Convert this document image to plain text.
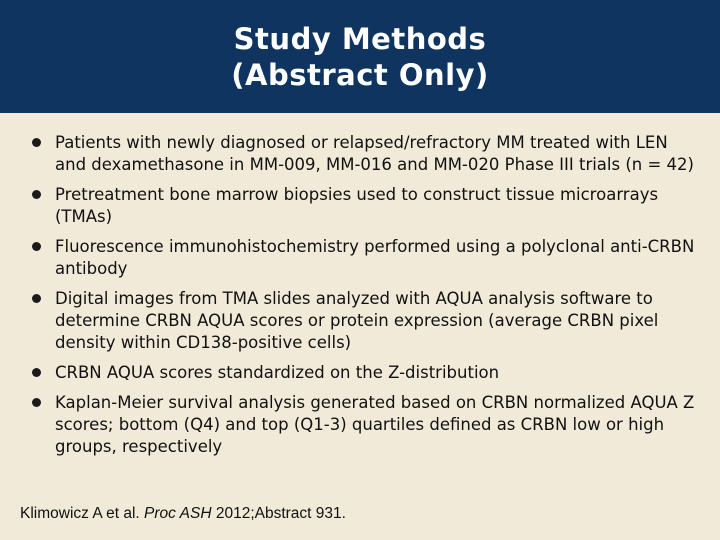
Study Methods
(Abstract Only)
Patients with newly diagnosed or relapsed/refractory MM treated with LEN and dexamethasone in MM-009, MM-016 and MM-020 Phase III trials (n = 42)
Pretreatment bone marrow biopsies used to construct tissue microarrays (TMAs)
Fluorescence immunohistochemistry performed using a polyclonal anti-CRBN antibody
Digital images from TMA slides analyzed with AQUA analysis software to determine CRBN AQUA scores or protein expression (average CRBN pixel density within CD138-positive cells)
CRBN AQUA scores standardized on the Z-distribution
Kaplan-Meier survival analysis generated based on CRBN normalized AQUA Z scores; bottom (Q4) and top (Q1-3) quartiles defined as CRBN low or high groups, respectively
Klimowicz A et al. Proc ASH 2012;Abstract 931.
